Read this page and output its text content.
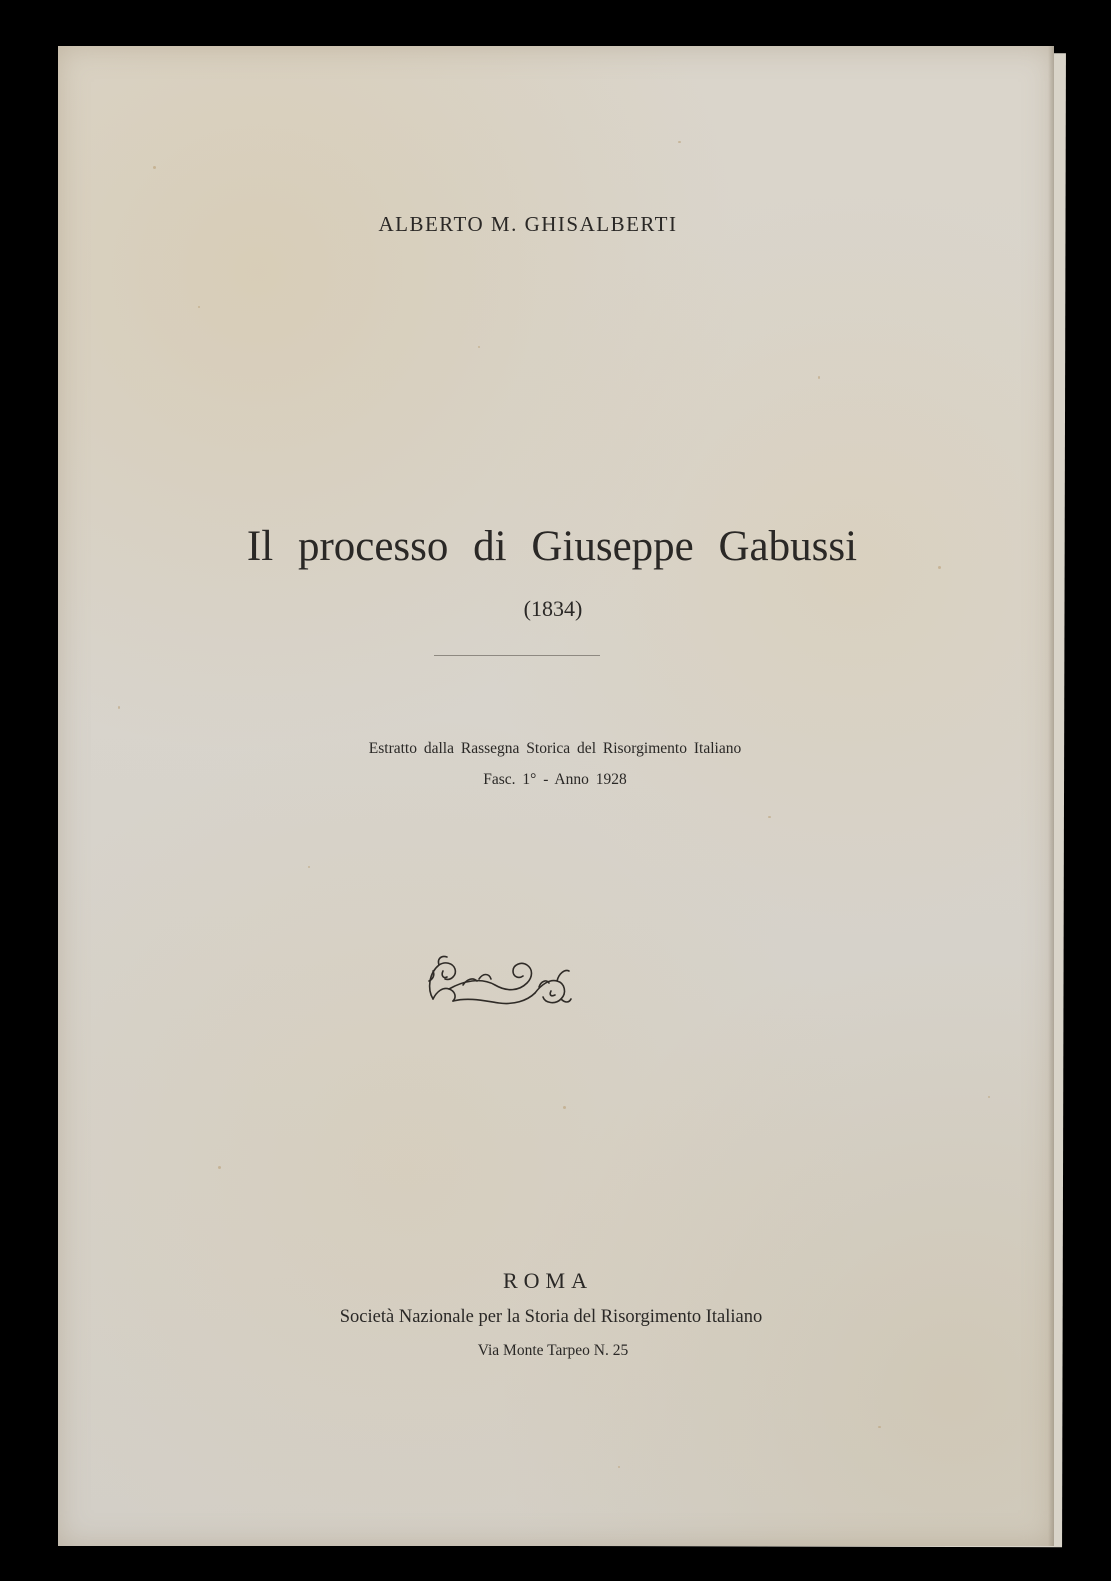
ALBERTO M. GHISALBERTI
Il processo di Giuseppe Gabussi
(1834)
Estratto dalla Rassegna Storica del Risorgimento Italiano
Fasc. 1° - Anno 1928
ROMA
Società Nazionale per la Storia del Risorgimento Italiano
Via Monte Tarpeo N. 25
